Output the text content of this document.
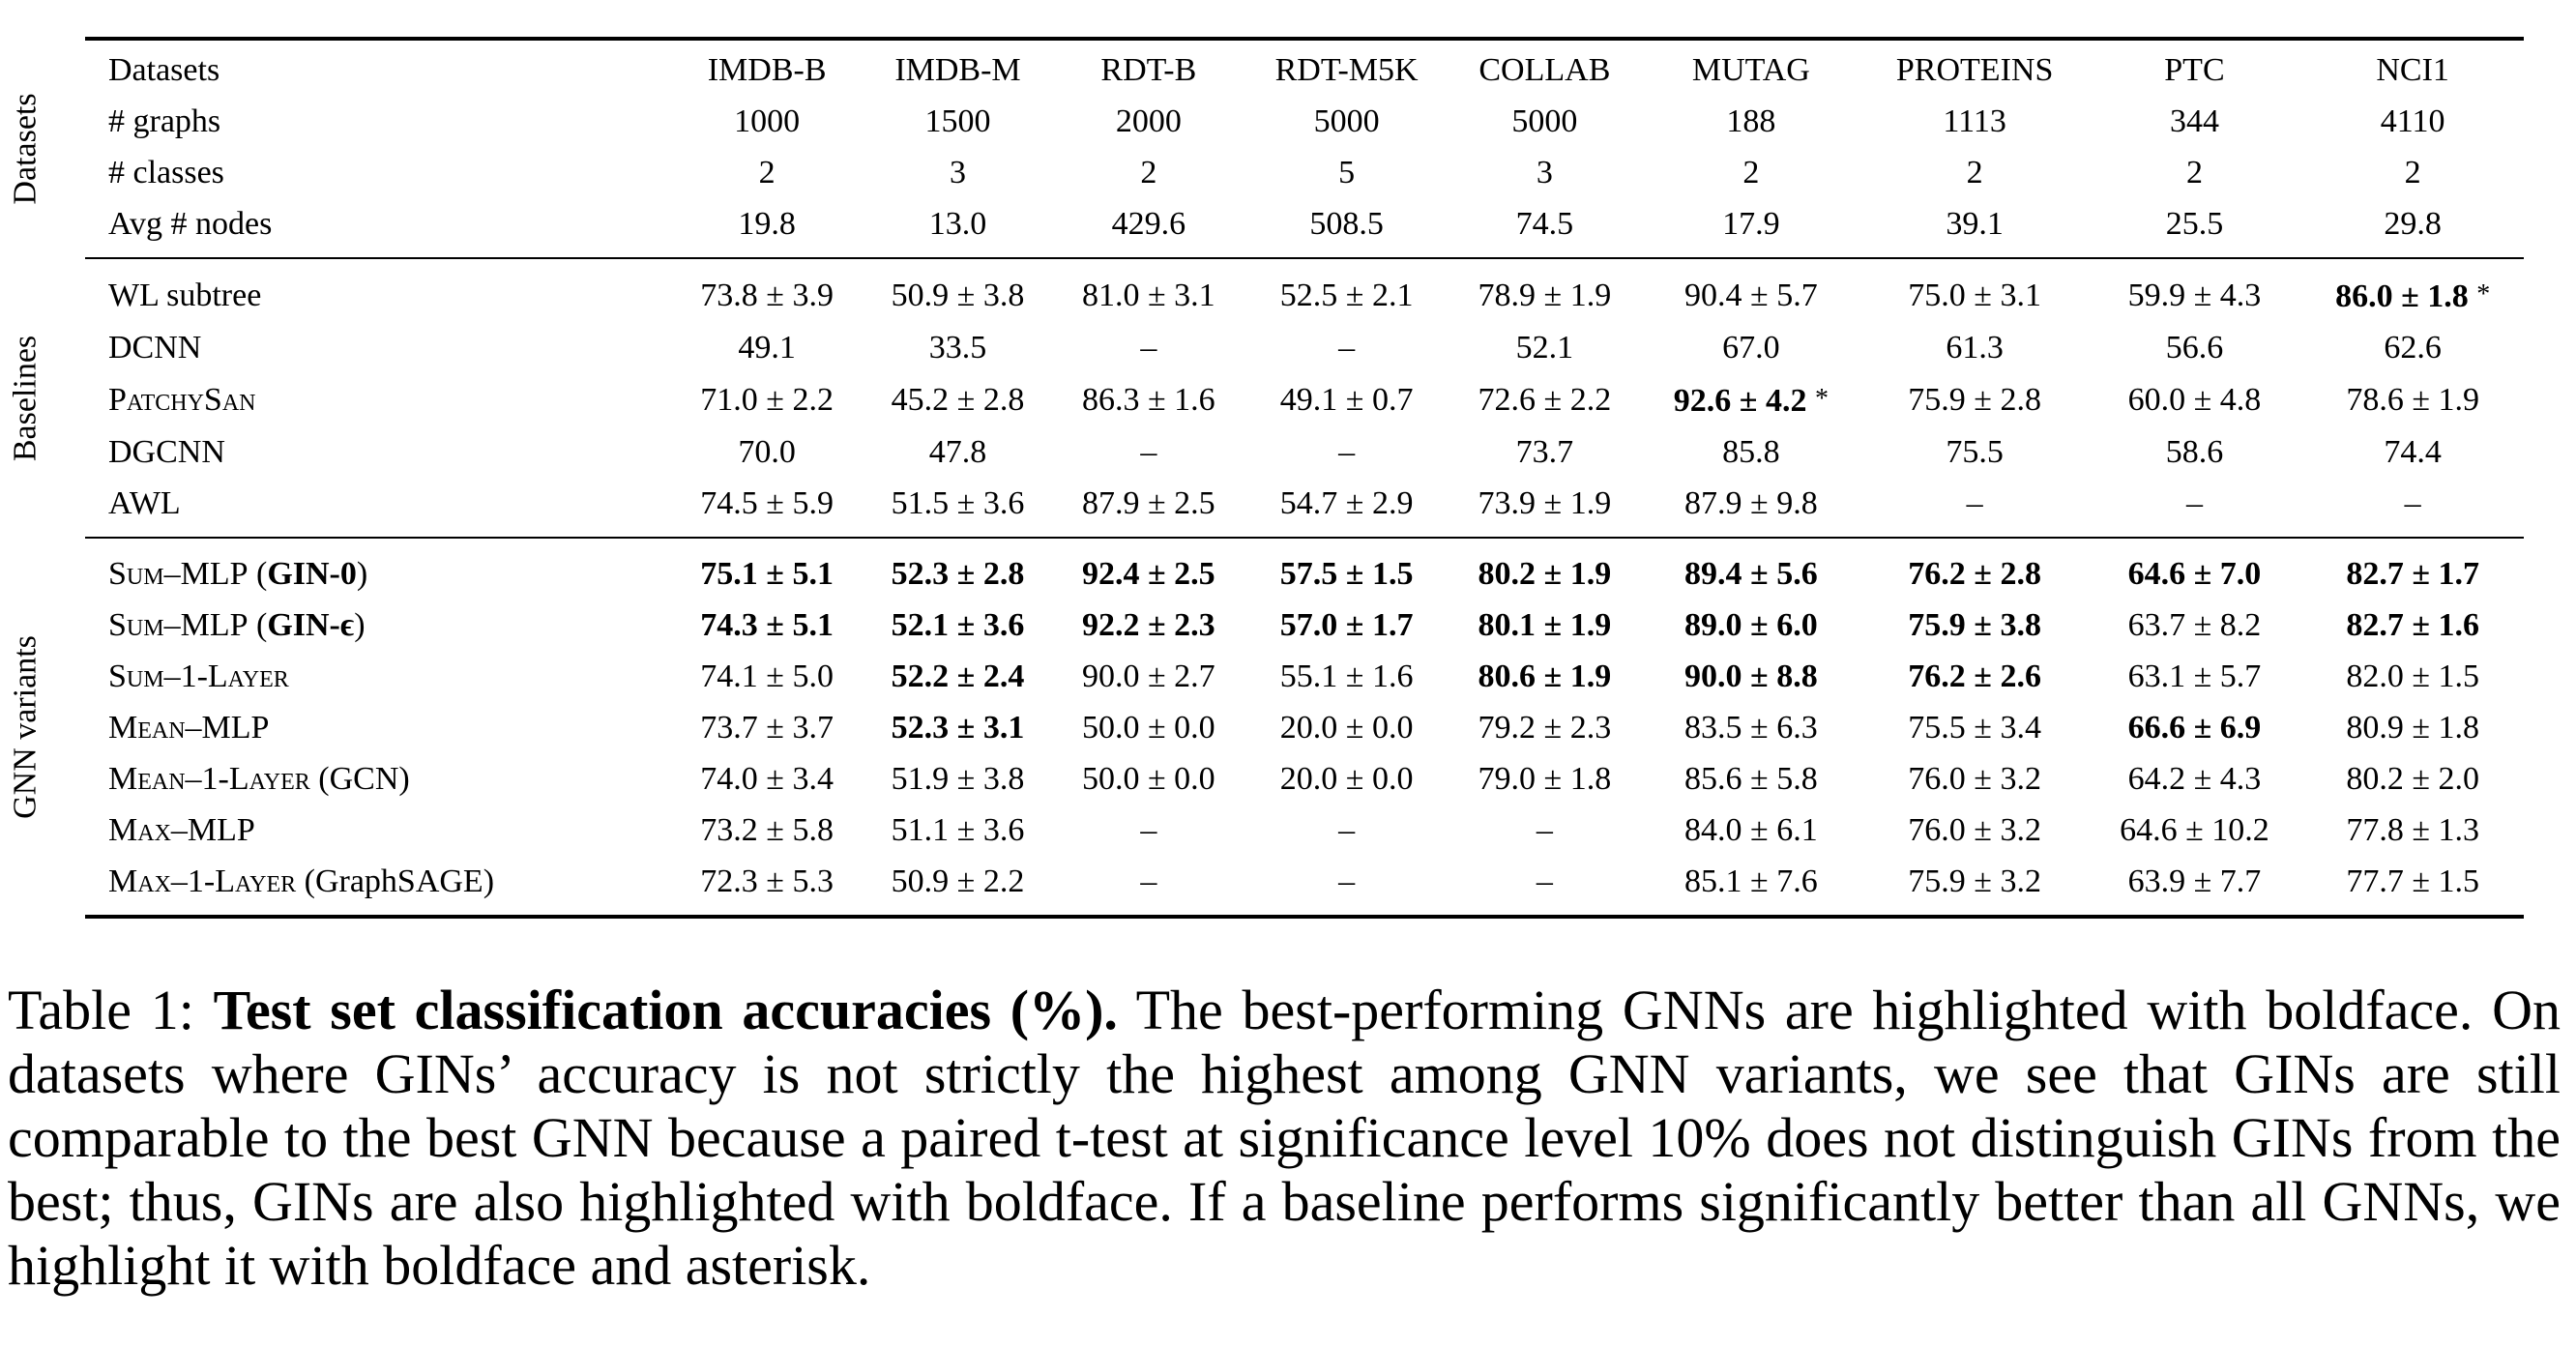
Datasets	Datasets	IMDB-B	IMDB-M	RDT-B	RDT-M5K	COLLAB	MUTAG	PROTEINS	PTC	NCI1
# graphs	1000	1500	2000	5000	5000	188	1113	344	4110
# classes	2	3	2	5	3	2	2	2	2
Avg # nodes	19.8	13.0	429.6	508.5	74.5	17.9	39.1	25.5	29.8

Baselines	WL subtree	73.8 ± 3.9	50.9 ± 3.8	81.0 ± 3.1	52.5 ± 2.1	78.9 ± 1.9	90.4 ± 5.7	75.0 ± 3.1	59.9 ± 4.3	86.0 ± 1.8 *
DCNN	49.1	33.5	–	–	52.1	67.0	61.3	56.6	62.6
PatchySan	71.0 ± 2.2	45.2 ± 2.8	86.3 ± 1.6	49.1 ± 0.7	72.6 ± 2.2	92.6 ± 4.2 *	75.9 ± 2.8	60.0 ± 4.8	78.6 ± 1.9
DGCNN	70.0	47.8	–	–	73.7	85.8	75.5	58.6	74.4
AWL	74.5 ± 5.9	51.5 ± 3.6	87.9 ± 2.5	54.7 ± 2.9	73.9 ± 1.9	87.9 ± 9.8	–	–	–

GNN variants	Sum–MLP (GIN-0)	75.1 ± 5.1	52.3 ± 2.8	92.4 ± 2.5	57.5 ± 1.5	80.2 ± 1.9	89.4 ± 5.6	76.2 ± 2.8	64.6 ± 7.0	82.7 ± 1.7
Sum–MLP (GIN-ϵ)	74.3 ± 5.1	52.1 ± 3.6	92.2 ± 2.3	57.0 ± 1.7	80.1 ± 1.9	89.0 ± 6.0	75.9 ± 3.8	63.7 ± 8.2	82.7 ± 1.6
Sum–1-Layer	74.1 ± 5.0	52.2 ± 2.4	90.0 ± 2.7	55.1 ± 1.6	80.6 ± 1.9	90.0 ± 8.8	76.2 ± 2.6	63.1 ± 5.7	82.0 ± 1.5
Mean–MLP	73.7 ± 3.7	52.3 ± 3.1	50.0 ± 0.0	20.0 ± 0.0	79.2 ± 2.3	83.5 ± 6.3	75.5 ± 3.4	66.6 ± 6.9	80.9 ± 1.8
Mean–1-Layer (GCN)	74.0 ± 3.4	51.9 ± 3.8	50.0 ± 0.0	20.0 ± 0.0	79.0 ± 1.8	85.6 ± 5.8	76.0 ± 3.2	64.2 ± 4.3	80.2 ± 2.0
Max–MLP	73.2 ± 5.8	51.1 ± 3.6	–	–	–	84.0 ± 6.1	76.0 ± 3.2	64.6 ± 10.2	77.8 ± 1.3
Max–1-Layer (GraphSAGE)	72.3 ± 5.3	50.9 ± 2.2	–	–	–	85.1 ± 7.6	75.9 ± 3.2	63.9 ± 7.7	77.7 ± 1.5
Table 1: Test set classification accuracies (%). The best-performing GNNs are highlighted with boldface. On datasets where GINs’ accuracy is not strictly the highest among GNN variants, we see that GINs are still comparable to the best GNN because a paired t-test at significance level 10% does not distinguish GINs from the best; thus, GINs are also highlighted with boldface. If a baseline performs significantly better than all GNNs, we highlight it with boldface and asterisk.
